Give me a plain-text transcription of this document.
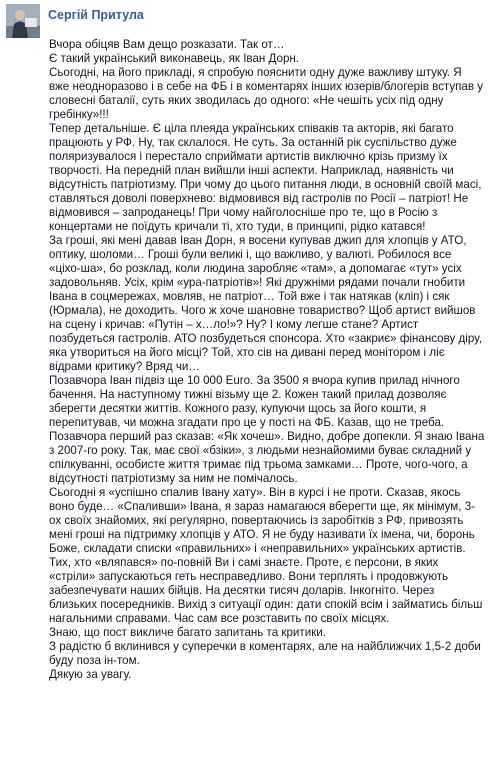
Сергій Притула

Вчора обіцяв Вам дещо розказати. Так от…
Є такий український виконавець, як Іван Дорн.

Сьогодні, на його прикладі, я спробую пояснити одну дуже важливу штуку. Я вже неодноразово і в себе на ФБ і в коментарях інших юзерів/блогерів вступав у словесні баталії, суть яких зводилась до одного: «Не чешіть усіх під одну гребінку»!!!

Тепер детальніше. Є ціла плеяда українських співаків та акторів, які багато працюють у РФ. Ну, так склалося. Не суть. За останній рік суспільство дуже поляризувалося і перестало сприймати артистів виключно крізь призму їх творчості. На передній план вийшли інші аспекти. Наприклад, наявність чи відсутність патріотизму. При чому до цього питання люди, в основній своїй масі, ставляться доволі поверхнево: відмовився від гастролів по Росії – патріот! Не відмовився – запроданець! При чому найголосніше про те, що в Росію з концертами не поїдуть кричали ті, хто туди, в принципі, рідко катався!

За гроші, які мені давав Іван Дорн, я восени купував джип для хлопців у АТО, оптику, шоломи… Гроші були великі і, що важливо, у валюті. Робилося все «ціхо-ша», бо розклад, коли людина заробляє «там», а допомагає «тут» усіх задовольняв. Усіх, крім «ура-патріотів»! Які дружніми рядами почали гнобити Івана в соцмережах, мовляв, не патріот… Той вже і так натякав (кліп) і сяк (Юрмала), не доходить. Чого ж хоче шановне товариство? Щоб артист вийшов на сцену і кричав: «Путін – х…ло!»? Ну? І кому легше стане? Артист позбудеться гастролів. АТО позбудеться спонсора. Хто «закриє» фінансову діру, яка утвориться на його місці? Той, хто сів на дивані перед монітором і ліє відрами критику? Вряд чи…

Позавчора Іван підвіз ще 10 000 Euro. За 3500 я вчора купив прилад нічного бачення. На наступному тижні візьму ще 2. Кожен такий прилад дозволяє зберегти десятки життів. Кожного разу, купуючи щось за його кошти, я перепитував, чи можна згадати про це у пості на ФБ. Казав, що не треба. Позавчора перший раз сказав: «Як хочеш». Видно, добре допекли. Я знаю Івана з 2007-го року. Так, має свої «бзіки», з людьми незнайомими буває складний у спілкуванні, особисте життя тримає під трьома замками… Проте, чого-чого, а відсутності патріотизму за ним не помічалось.

Сьогодні я «успішно спалив Івану хату». Він в курсі і не проти. Сказав, якось воно буде… «Спаливши» Івана, я зараз намагаюся вберегти ще, як мінімум, 3-ох своїх знайомих, які регулярно, повертаючись із заробітків з РФ, привозять мені гроші на підтримку хлопців у АТО. Я не буду називати їх імена, чи, боронь Боже, складати списки «правильних» і «неправильних» українських артистів. Тих, хто «вляпався» по-повній Ви і самі знаєте. Проте, є персони, в яких «стріли» запускаються геть несправедливо. Вони терплять і продовжують забезпечувати наших бійців. На десятки тисяч доларів. Інкогніто. Через близьких посередників. Вихід з ситуації один: дати спокій всім і займатись більш нагальними справами. Час сам все розставить по своїх місцях.

Знаю, що пост викличе багато запитань та критики.

З радістю б вклинився у суперечки в коментарях, але на найближчих 1,5-2 доби буду поза ін-том.

Дякую за увагу.
